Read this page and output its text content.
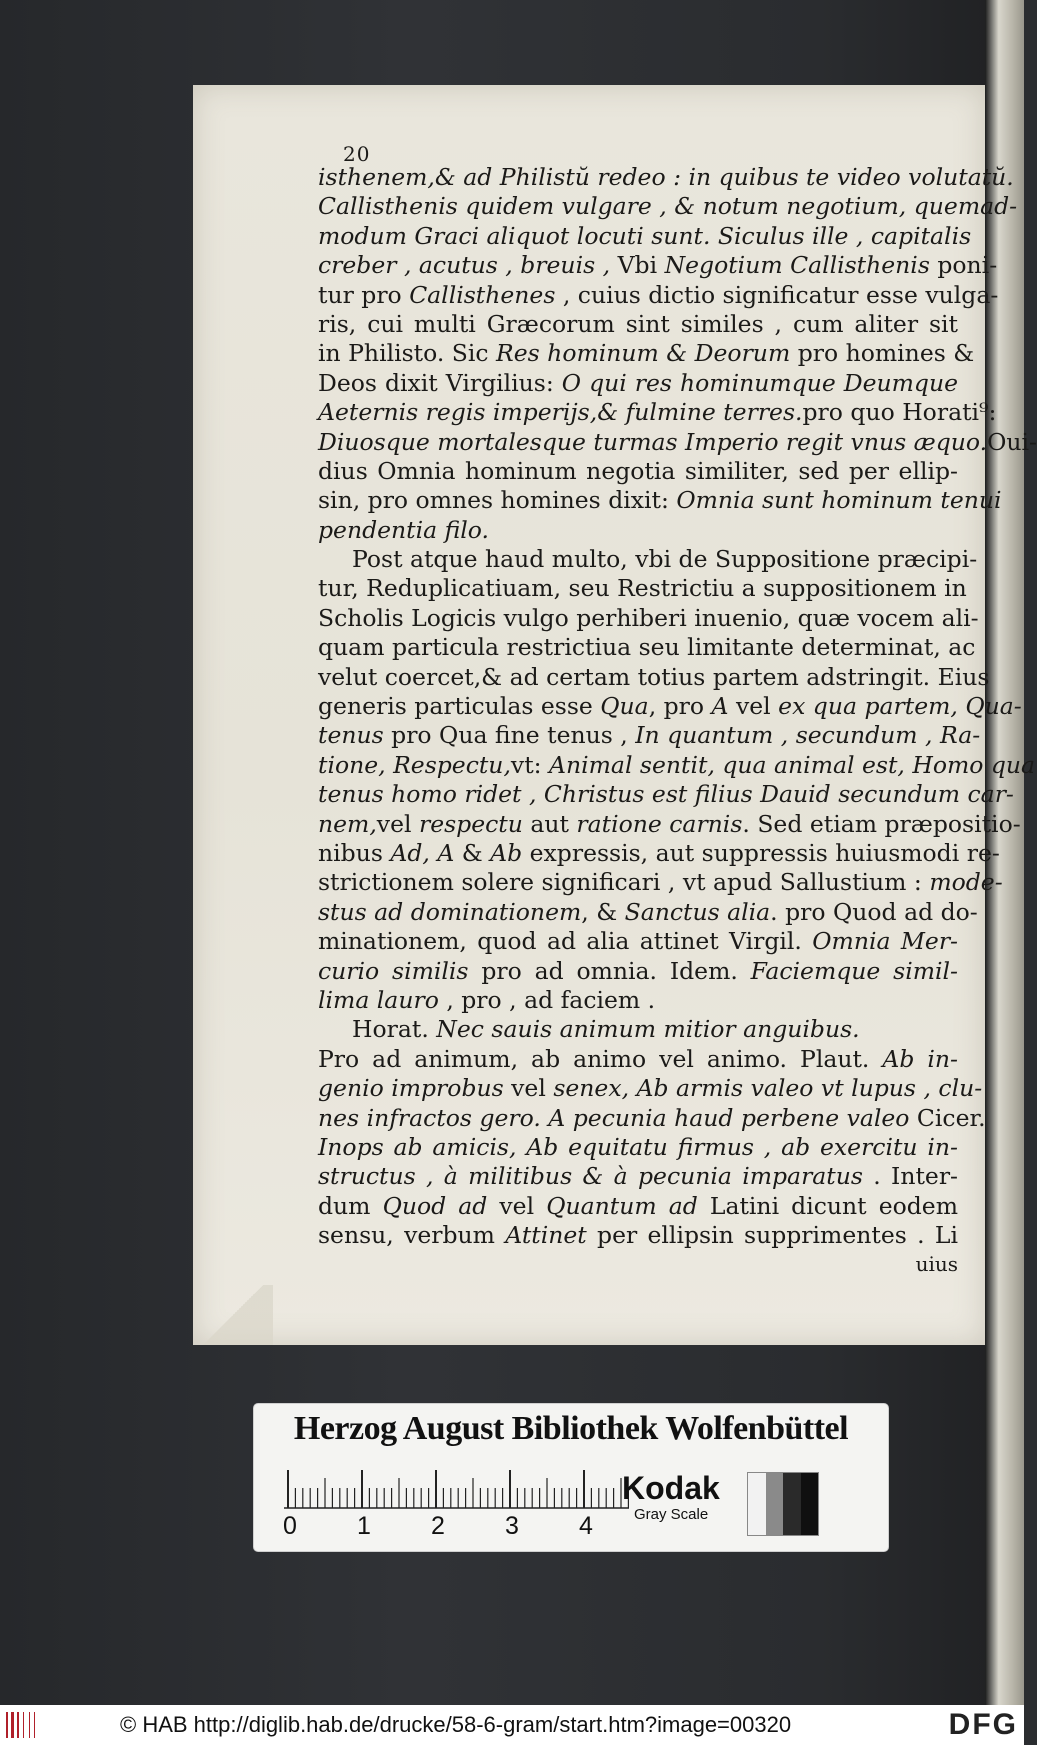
20
isthenem,& ad Philistŭ redeo : in quibus te video volutatŭ.
Callisthenis quidem vulgare , & notum negotium, quemad-
modum Graci aliquot locuti sunt. Siculus ille , capitalis
creber , acutus , breuis , Vbi Negotium Callisthenis poni-
tur pro Callisthenes , cuius dictio significatur esse vulga-
ris, cui multi Græcorum sint similes , cum aliter sit
in Philisto. Sic Res hominum & Deorum pro homines &
Deos dixit Virgilius: O qui res hominumque Deumque
Aeternis regis imperijs,& fulmine terres.pro quo Horati⁹:
Diuosque mortalesque turmas Imperio regit vnus æquo.Oui-
dius Omnia hominum negotia similiter, sed per ellip-
sin, pro omnes homines dixit: Omnia sunt hominum tenui
pendentia filo.
Post atque haud multo, vbi de Suppositione præcipi-
tur, Reduplicatiuam, seu Restrictiu a suppositionem in
Scholis Logicis vulgo perhiberi inuenio, quæ vocem ali-
quam particula restrictiua seu limitante determinat, ac
velut coercet,& ad certam totius partem adstringit. Eius
generis particulas esse Qua, pro A vel ex qua partem, Qua-
tenus pro Qua fine tenus , In quantum , secundum , Ra-
tione, Respectu,vt: Animal sentit, qua animal est, Homo qua
tenus homo ridet , Christus est filius Dauid secundum car-
nem,vel respectu aut ratione carnis. Sed etiam præpositio-
nibus Ad, A & Ab expressis, aut suppressis huiusmodi re-
strictionem solere significari , vt apud Sallustium : mode-
stus ad dominationem, & Sanctus alia. pro Quod ad do-
minationem, quod ad alia attinet Virgil. Omnia Mer-
curio similis pro ad omnia. Idem. Faciemque simil-
lima lauro , pro , ad faciem .
Horat. Nec sauis animum mitior anguibus.
Pro ad animum, ab animo vel animo. Plaut. Ab in-
genio improbus vel senex, Ab armis valeo vt lupus , clu-
nes infractos gero. A pecunia haud perbene valeo Cicer.
Inops ab amicis, Ab equitatu firmus , ab exercitu in-
structus , à militibus & à pecunia imparatus . Inter-
dum Quod ad vel Quantum ad Latini dicunt eodem
sensu, verbum Attinet per ellipsin supprimentes . Li
uius
Herzog August Bibliothek Wolfenbüttel
0 1 2 3 4
Kodak
Gray Scale
© HAB http://diglib.hab.de/drucke/58-6-gram/start.htm?image=00320	DFG
